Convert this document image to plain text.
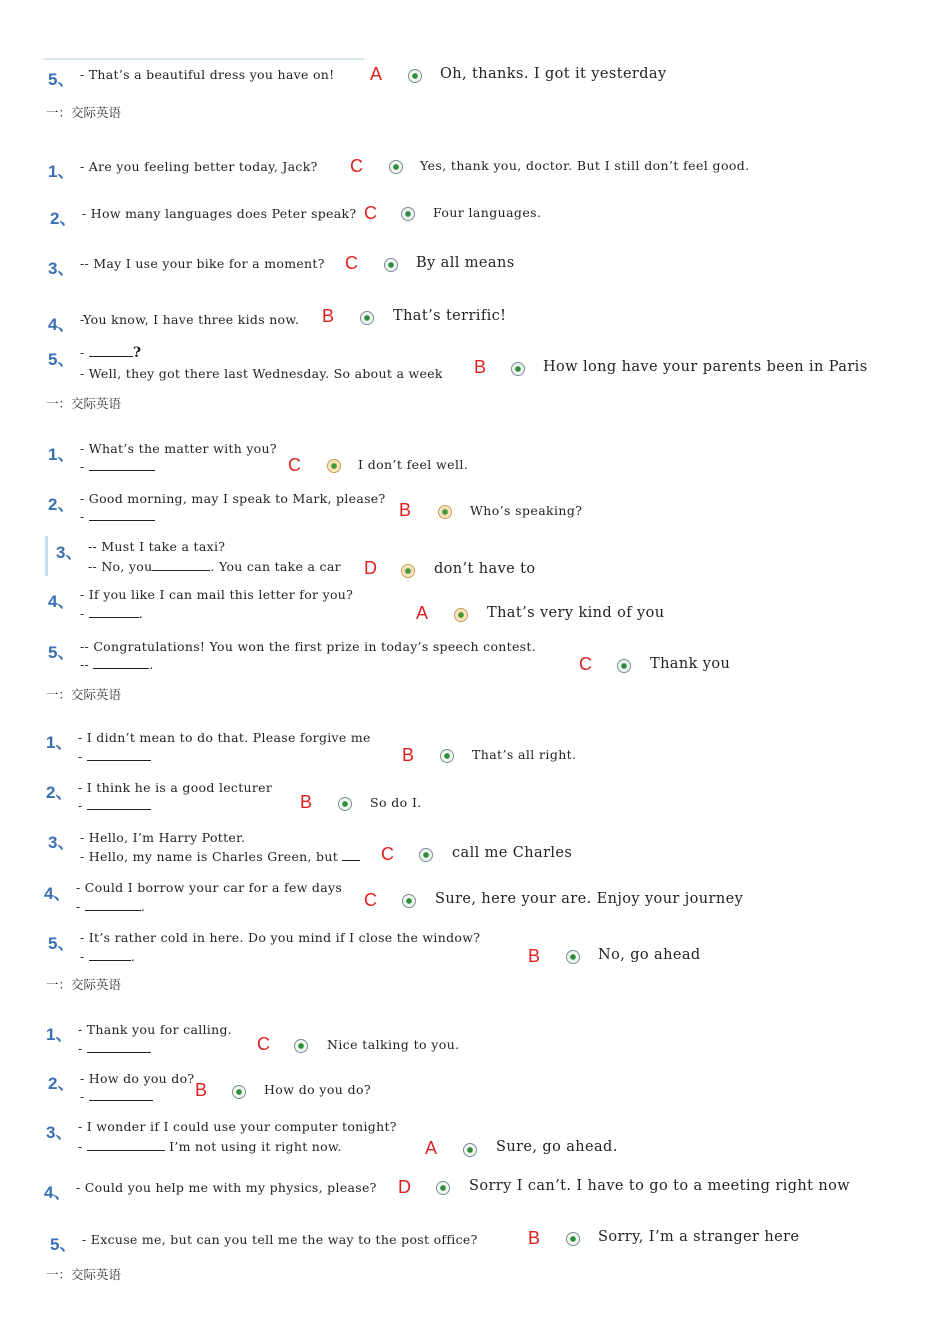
5、 - That’s a beautiful dress you have on! A	Oh, thanks. I got it yesterday
一：交际英语
1、 - Are you feeling better today, Jack? C	Yes, thank you, doctor. But I still don’t feel good.
2、 - How many languages does Peter speak? C	Four languages.
3、 -- May I use your bike for a moment? C	By all means
4、 -You know, I have three kids now. B	That’s terrific!
5、 -	?
- Well, they got there last Wednesday. So about a week B	How long have your parents been in Paris
一：交际英语
1、 - What’s the matter with you?
-	C	I don’t feel well.
2、 - Good morning, may I speak to Mark, please?
-	B	Who’s speaking?
3、 -- Must I take a taxi?
-- No, you	. You can take a car D	don’t have to
4、 - If you like I can mail this letter for you?
-	.	A	That’s very kind of you
5、 -- Congratulations! You won the first prize in today’s speech contest.
--	.	C	Thank you
一：交际英语
1、 - I didn’t mean to do that. Please forgive me
-	B	That’s all right.
2、 - I think he is a good lecturer
-	B	So do I.
3、 - Hello, I’m Harry Potter.
- Hello, my name is Charles Green, but	C	call me Charles
4、 - Could I borrow your car for a few days
-	.	C	Sure, here your are. Enjoy your journey
5、 - It’s rather cold in here. Do you mind if I close the window?
-	.	B	No, go ahead
一：交际英语
1、 - Thank you for calling.
-	C	Nice talking to you.
2、 - How do you do?
-	B	How do you do?
3、 - I wonder if I could use your computer tonight?
-	I’m not using it right now.	A	Sure, go ahead.
4、 - Could you help me with my physics, please? D	Sorry I can’t. I have to go to a meeting right now
5、 - Excuse me, but can you tell me the way to the post office?	B	Sorry, I’m a stranger here
一：交际英语
